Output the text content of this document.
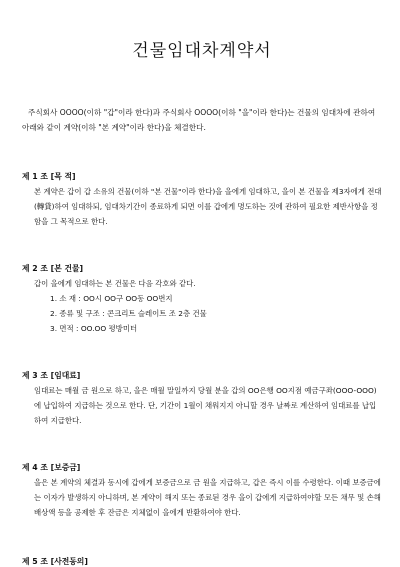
건물임대차계약서
주식회사 OOOO(이하 "갑"이라 한다)과 주식회사 OOOO(이하 "을"이라 한다)는 건물의 임대차에 관하여 아래와 같이 계약(이하 "본 계약"이라 한다)을 체결한다.
제 1 조 [목 적]
본 계약은 갑이 갑 소유의 건물(이하 "본 건물"이라 한다)을 을에게 임대하고, 을이 본 건물을 제3자에게 전대(轉貸)하여 임대하되, 임대차기간이 종료하게 되면 이를 갑에게 명도하는 것에 관하여 필요한 제반사항을 정함을 그 목적으로 한다.
제 2 조 [본 건물]
갑이 을에게 임대하는 본 건물은 다음 각호와 같다.
1. 소 재 : OO시 OO구 OO동 OO번지
2. 종류 및 구조 : 콘크리트 슬레이트 조 2층 건물
3. 면적 : OO.OO 평방미터
제 3 조 [임대료]
임대료는 매월 금 원으로 하고, 을은 매월 말일까지 당월 분을 갑의 OO은행 OO지점 예금구좌(OOO-OOO)에 납입하여 지급하는 것으로 한다. 단, 기간이 1월이 채워지지 아니할 경우 날짜로 계산하여 임대료를 납입하여 지급한다.
제 4 조 [보증금]
을은 본 계약의 체결과 동시에 갑에게 보증금으로 금 원을 지급하고, 갑은 즉시 이를 수령한다. 이때 보증금에는 이자가 발생하지 아니하며, 본 계약이 해지 또는 종료된 경우 을이 갑에게 지급하여야할 모든 채무 및 손해배상액 등을 공제한 후 잔금은 지체없이 을에게 반환하여야 한다.
제 5 조 [사전동의]
